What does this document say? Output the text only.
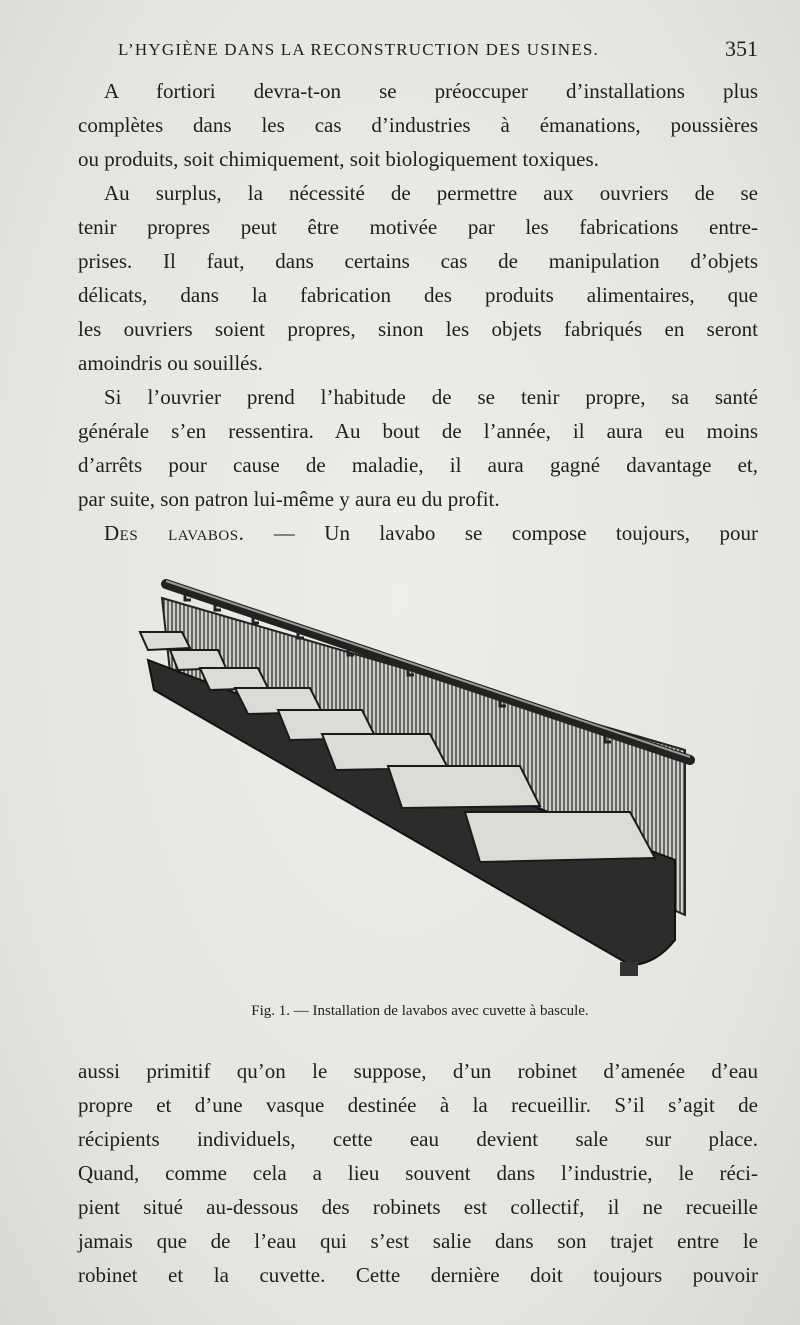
L’HYGIÈNE DANS LA RECONSTRUCTION DES USINES.	351
A fortiori devra-t-on se préoccuper d’installations plus
complètes dans les cas d’industries à émanations, poussières
ou produits, soit chimiquement, soit biologiquement toxiques.
Au surplus, la nécessité de permettre aux ouvriers de se
tenir propres peut être motivée par les fabrications entre-
prises. Il faut, dans certains cas de manipulation d’objets
délicats, dans la fabrication des produits alimentaires, que
les ouvriers soient propres, sinon les objets fabriqués en seront
amoindris ou souillés.
Si l’ouvrier prend l’habitude de se tenir propre, sa santé
générale s’en ressentira. Au bout de l’année, il aura eu moins
d’arrêts pour cause de maladie, il aura gagné davantage et,
par suite, son patron lui-même y aura eu du profit.
Des lavabos. — Un lavabo se compose toujours, pour
Fig. 1. — Installation de lavabos avec cuvette à bascule.
aussi primitif qu’on le suppose, d’un robinet d’amenée d’eau
propre et d’une vasque destinée à la recueillir. S’il s’agit de
récipients individuels, cette eau devient sale sur place.
Quand, comme cela a lieu souvent dans l’industrie, le réci-
pient situé au-dessous des robinets est collectif, il ne recueille
jamais que de l’eau qui s’est salie dans son trajet entre le
robinet et la cuvette. Cette dernière doit toujours pouvoir
